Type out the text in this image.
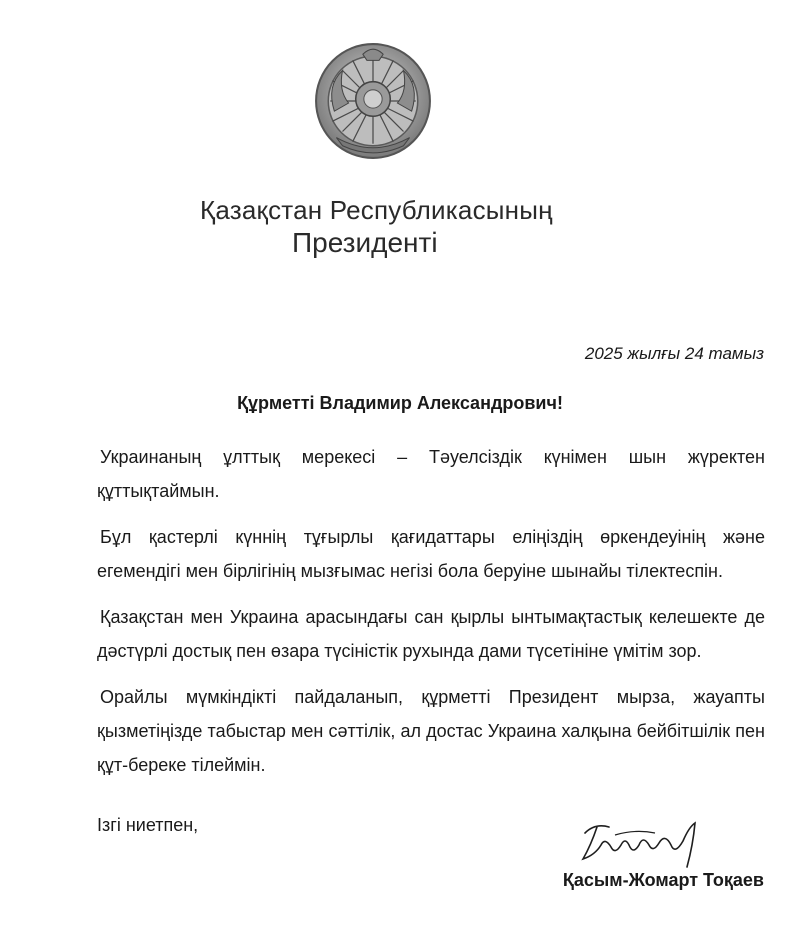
Қазақстан Республикасының
Президенті
2025 жылғы 24 тамыз
Құрметті Владимир Александрович!

Украинаның ұлттық мерекесі – Тәуелсіздік күнімен шын жүректен құттықтаймын.

Бұл қастерлі күннің тұғырлы қағидаттары еліңіздің өркендеуінің және егемендігі мен бірлігінің мызғымас негізі бола беруіне шынайы тілектеспін.

Қазақстан мен Украина арасындағы сан қырлы ынтымақтастық келешекте де дәстүрлі достық пен өзара түсіністік рухында дами түсетініне үмітім зор.

Орайлы мүмкіндікті пайдаланып, құрметті Президент мырза, жауапты қызметіңізде табыстар мен сәттілік, ал достас Украина халқына бейбітшілік пен құт-береке тілеймін.

Ізгі ниетпен,
Қасым-Жомарт Тоқаев
